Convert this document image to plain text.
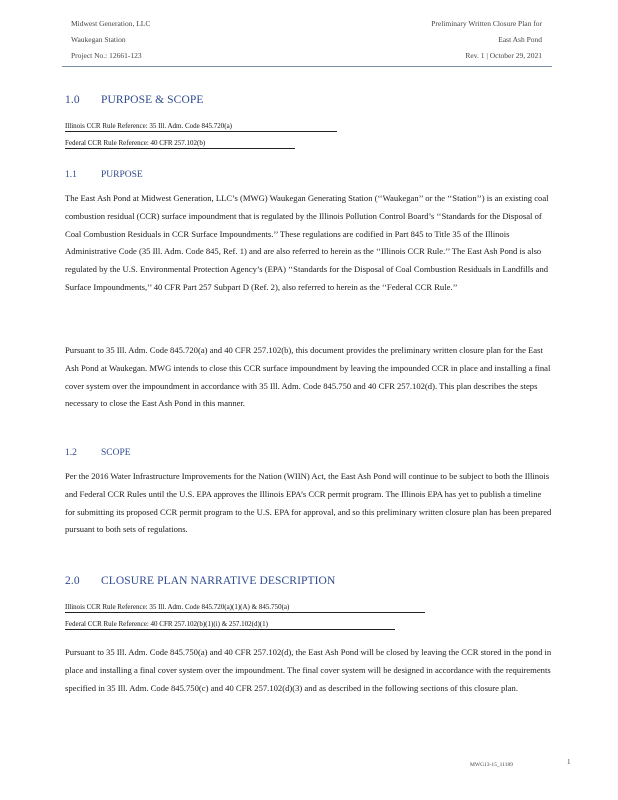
Midwest Generation, LLC
Waukegan Station
Project No.: 12661-123
Preliminary Written Closure Plan for
East Ash Pond
Rev. 1 | October 29, 2021
1.0 PURPOSE & SCOPE
Illinois CCR Rule Reference: 35 Ill. Adm. Code 845.720(a)
Federal CCR Rule Reference: 40 CFR 257.102(b)
1.1	PURPOSE

The East Ash Pond at Midwest Generation, LLC’s (MWG) Waukegan Generating Station (‘‘Waukegan’’ or the ‘‘Station’’) is an existing coal combustion residual (CCR) surface impoundment that is regulated by the Illinois Pollution Control Board’s ‘‘Standards for the Disposal of Coal Combustion Residuals in CCR Surface Impoundments.’’ These regulations are codified in Part 845 to Title 35 of the Illinois Administrative Code (35 Ill. Adm. Code 845, Ref. 1) and are also referred to herein as the ‘‘Illinois CCR Rule.’’ The East Ash Pond is also regulated by the U.S. Environmental Protection Agency’s (EPA) ‘‘Standards for the Disposal of Coal Combustion Residuals in Landfills and Surface Impoundments,’’ 40 CFR Part 257 Subpart D (Ref. 2), also referred to herein as the ‘‘Federal CCR Rule.’’

Pursuant to 35 Ill. Adm. Code 845.720(a) and 40 CFR 257.102(b), this document provides the preliminary written closure plan for the East Ash Pond at Waukegan. MWG intends to close this CCR surface impoundment by leaving the impounded CCR in place and installing a final cover system over the impoundment in accordance with 35 Ill. Adm. Code 845.750 and 40 CFR 257.102(d). This plan describes the steps necessary to close the East Ash Pond in this manner.

1.2	SCOPE

Per the 2016 Water Infrastructure Improvements for the Nation (WIIN) Act, the East Ash Pond will continue to be subject to both the Illinois and Federal CCR Rules until the U.S. EPA approves the Illinois EPA’s CCR permit program. The Illinois EPA has yet to publish a timeline for submitting its proposed CCR permit program to the U.S. EPA for approval, and so this preliminary written closure plan has been prepared pursuant to both sets of regulations.

2.0 CLOSURE PLAN NARRATIVE DESCRIPTION
Illinois CCR Rule Reference: 35 Ill. Adm. Code 845.720(a)(1)(A) & 845.750(a)
Federal CCR Rule Reference: 40 CFR 257.102(b)(1)(i) & 257.102(d)(1)

Pursuant to 35 Ill. Adm. Code 845.750(a) and 40 CFR 257.102(d), the East Ash Pond will be closed by leaving the CCR stored in the pond in place and installing a final cover system over the impoundment. The final cover system will be designed in accordance with the requirements specified in 35 Ill. Adm. Code 845.750(c) and 40 CFR 257.102(d)(3) and as described in the following sections of this closure plan.

MWG13-15_11189	1
